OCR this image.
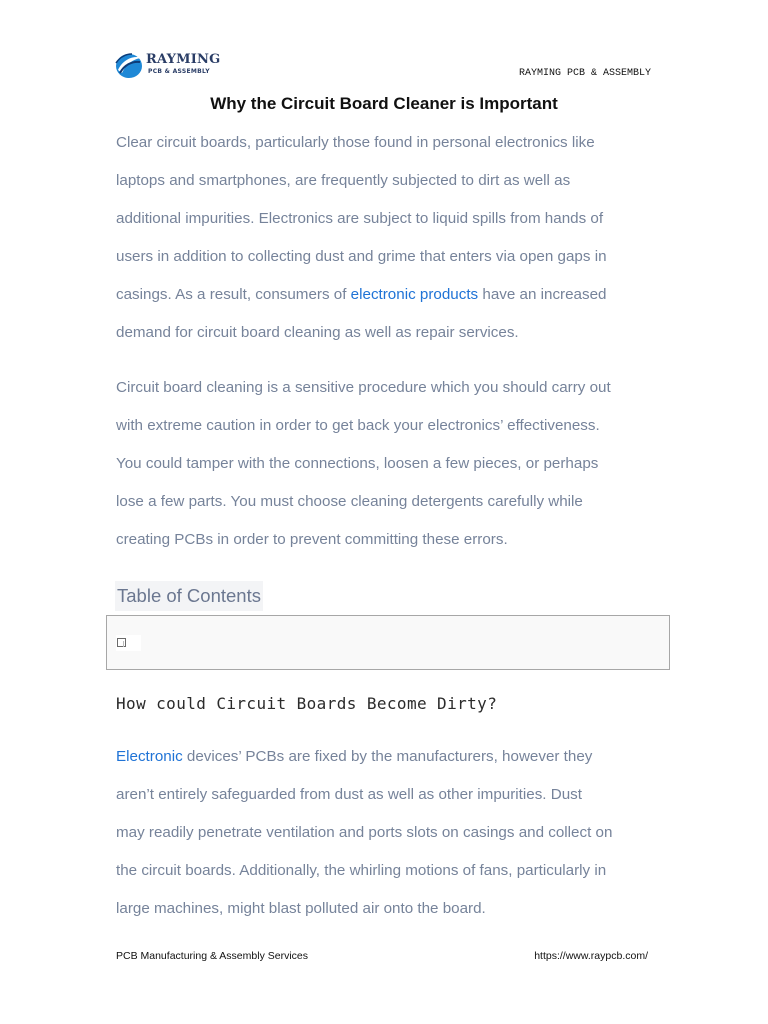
RAYMING
PCB & ASSEMBLY	RAYMING PCB & ASSEMBLY
Why the Circuit Board Cleaner is Important

Clear circuit boards, particularly those found in personal electronics like
laptops and smartphones, are frequently subjected to dirt as well as
additional impurities. Electronics are subject to liquid spills from hands of
users in addition to collecting dust and grime that enters via open gaps in
casings. As a result, consumers of electronic products have an increased
demand for circuit board cleaning as well as repair services.

Circuit board cleaning is a sensitive procedure which you should carry out
with extreme caution in order to get back your electronics’ effectiveness.
You could tamper with the connections, loosen a few pieces, or perhaps
lose a few parts. You must choose cleaning detergents carefully while
creating PCBs in order to prevent committing these errors.

Table of Contents
How could Circuit Boards Become Dirty?

Electronic devices’ PCBs are fixed by the manufacturers, however they
aren’t entirely safeguarded from dust as well as other impurities. Dust
may readily penetrate ventilation and ports slots on casings and collect on
the circuit boards. Additionally, the whirling motions of fans, particularly in
large machines, might blast polluted air onto the board.

PCB Manufacturing & Assembly Services	https://www.raypcb.com/
